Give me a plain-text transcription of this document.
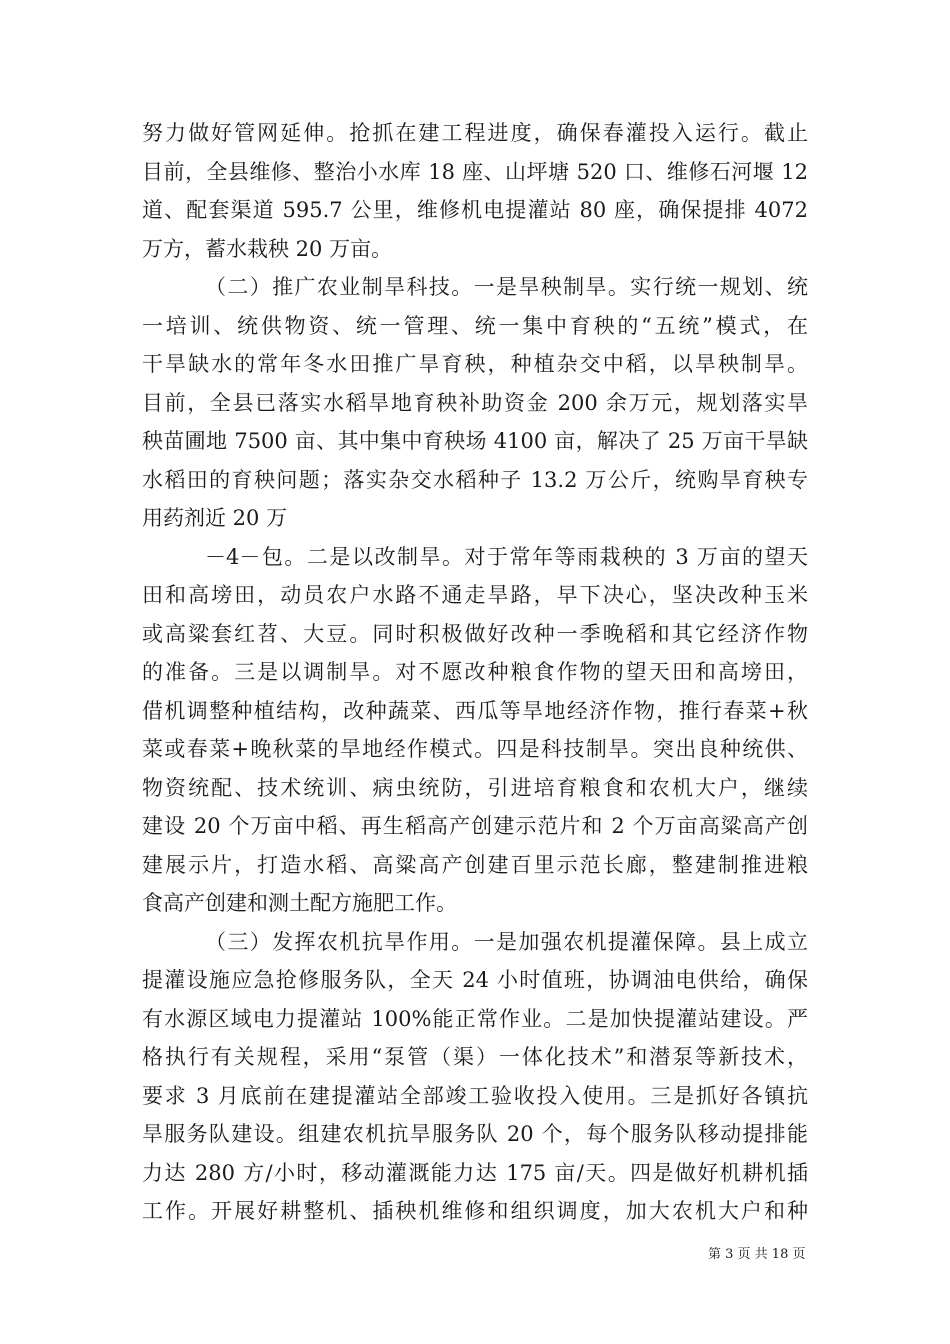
努力做好管网延伸。抢抓在建工程进度，确保春灌投入运行。截止
目前，全县维修、整治小水库 18 座、山坪塘 520 口、维修石河堰 12
道、配套渠道 595.7 公里，维修机电提灌站 80 座，确保提排 4072
万方，蓄水栽秧 20 万亩。
（二）推广农业制旱科技。一是旱秧制旱。实行统一规划、统
一培训、统供物资、统一管理、统一集中育秧的“五统”模式，在
干旱缺水的常年冬水田推广旱育秧，种植杂交中稻，以旱秧制旱。
目前，全县已落实水稻旱地育秧补助资金 200 余万元，规划落实旱
秧苗圃地 7500 亩、其中集中育秧场 4100 亩，解决了 25 万亩干旱缺
水稻田的育秧问题；落实杂交水稻种子 13.2 万公斤，统购旱育秧专
用药剂近 20 万
－4－包。二是以改制旱。对于常年等雨栽秧的 3 万亩的望天
田和高塝田，动员农户水路不通走旱路，早下决心，坚决改种玉米
或高粱套红苕、大豆。同时积极做好改种一季晚稻和其它经济作物
的准备。三是以调制旱。对不愿改种粮食作物的望天田和高塝田，
借机调整种植结构，改种蔬菜、西瓜等旱地经济作物，推行春菜+秋
菜或春菜+晚秋菜的旱地经作模式。四是科技制旱。突出良种统供、
物资统配、技术统训、病虫统防，引进培育粮食和农机大户，继续
建设 20 个万亩中稻、再生稻高产创建示范片和 2 个万亩高粱高产创
建展示片，打造水稻、高粱高产创建百里示范长廊，整建制推进粮
食高产创建和测土配方施肥工作。
（三）发挥农机抗旱作用。一是加强农机提灌保障。县上成立
提灌设施应急抢修服务队，全天 24 小时值班，协调油电供给，确保
有水源区域电力提灌站 100%能正常作业。二是加快提灌站建设。严
格执行有关规程，采用“泵管（渠）一体化技术”和潜泵等新技术，
要求 3 月底前在建提灌站全部竣工验收投入使用。三是抓好各镇抗
旱服务队建设。组建农机抗旱服务队 20 个，每个服务队移动提排能
力达 280 方/小时，移动灌溉能力达 175 亩/天。四是做好机耕机插
工作。开展好耕整机、插秧机维修和组织调度，加大农机大户和种
第 3 页 共 18 页
